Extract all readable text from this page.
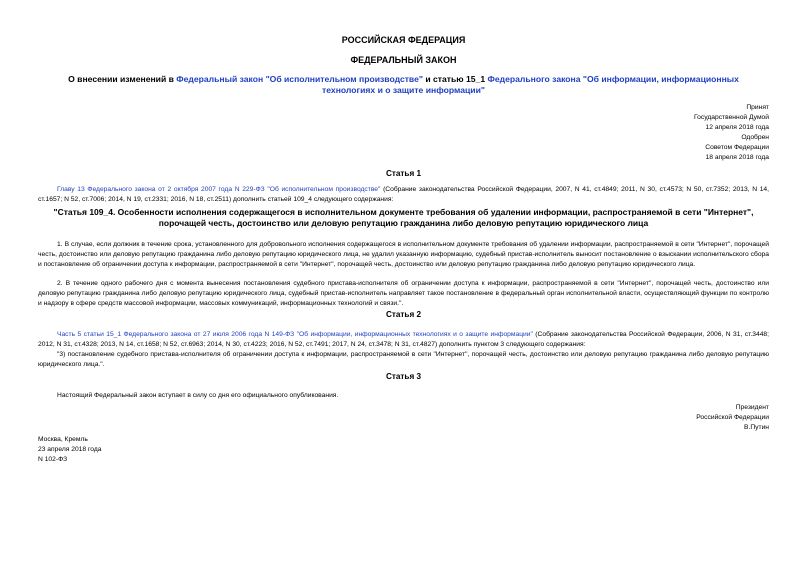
РОССИЙСКАЯ ФЕДЕРАЦИЯ
ФЕДЕРАЛЬНЫЙ ЗАКОН
О внесении изменений в Федеральный закон "Об исполнительном производстве" и статью 15_1 Федерального закона "Об информации, информационных технологиях и о защите информации"

Принят

Государственной Думой

12 апреля 2018 года

Одобрен

Советом Федерации

18 апреля 2018 года

Статья 1
Главу 13 Федерального закона от 2 октября 2007 года N 229-ФЗ "Об исполнительном производстве" (Собрание законодательства Российской Федерации, 2007, N 41, ст.4849; 2011, N 30, ст.4573; N 50, ст.7352; 2013, N 14, ст.1657; N 52, ст.7006; 2014, N 19, ст.2331; 2016, N 18, ст.2511) дополнить статьей 109_4 следующего содержания:
"Статья 109_4. Особенности исполнения содержащегося в исполнительном документе требования об удалении информации, распространяемой в сети "Интернет", порочащей честь, достоинство или деловую репутацию гражданина либо деловую репутацию юридического лица
1. В случае, если должник в течение срока, установленного для добровольного исполнения содержащегося в исполнительном документе требования об удалении информации, распространяемой в сети "Интернет", порочащей честь, достоинство или деловую репутацию гражданина либо деловую репутацию юридического лица, не удалил указанную информацию, судебный пристав-исполнитель выносит постановление о взыскании исполнительского сбора и постановление об ограничении доступа к информации, распространяемой в сети "Интернет", порочащей честь, достоинство или деловую репутацию гражданина либо деловую репутацию юридического лица.
2. В течение одного рабочего дня с момента вынесения постановления судебного пристава-исполнителя об ограничении доступа к информации, распространяемой в сети "Интернет", порочащей честь, достоинство или деловую репутацию гражданина либо деловую репутацию юридического лица, судебный пристав-исполнитель направляет такое постановление в федеральный орган исполнительной власти, осуществляющий функции по контролю и надзору в сфере средств массовой информации, массовых коммуникаций, информационных технологий и связи.".
Статья 2
Часть 5 статьи 15_1 Федерального закона от 27 июля 2006 года N 149-ФЗ "Об информации, информационных технологиях и о защите информации" (Собрание законодательства Российской Федерации, 2006, N 31, ст.3448; 2012, N 31, ст.4328; 2013, N 14, ст.1658; N 52, ст.6963; 2014, N 30, ст.4223; 2016, N 52, ст.7491; 2017, N 24, ст.3478; N 31, ст.4827) дополнить пунктом 3 следующего содержания:
"3) постановление судебного пристава-исполнителя об ограничении доступа к информации, распространяемой в сети "Интернет", порочащей честь, достоинство или деловую репутацию гражданина либо деловую репутацию юридического лица.".
Статья 3
Настоящий Федеральный закон вступает в силу со дня его официального опубликования.

Президент

Российской Федерации

В.Путин

Москва, Кремль

23 апреля 2018 года

N 102-ФЗ
